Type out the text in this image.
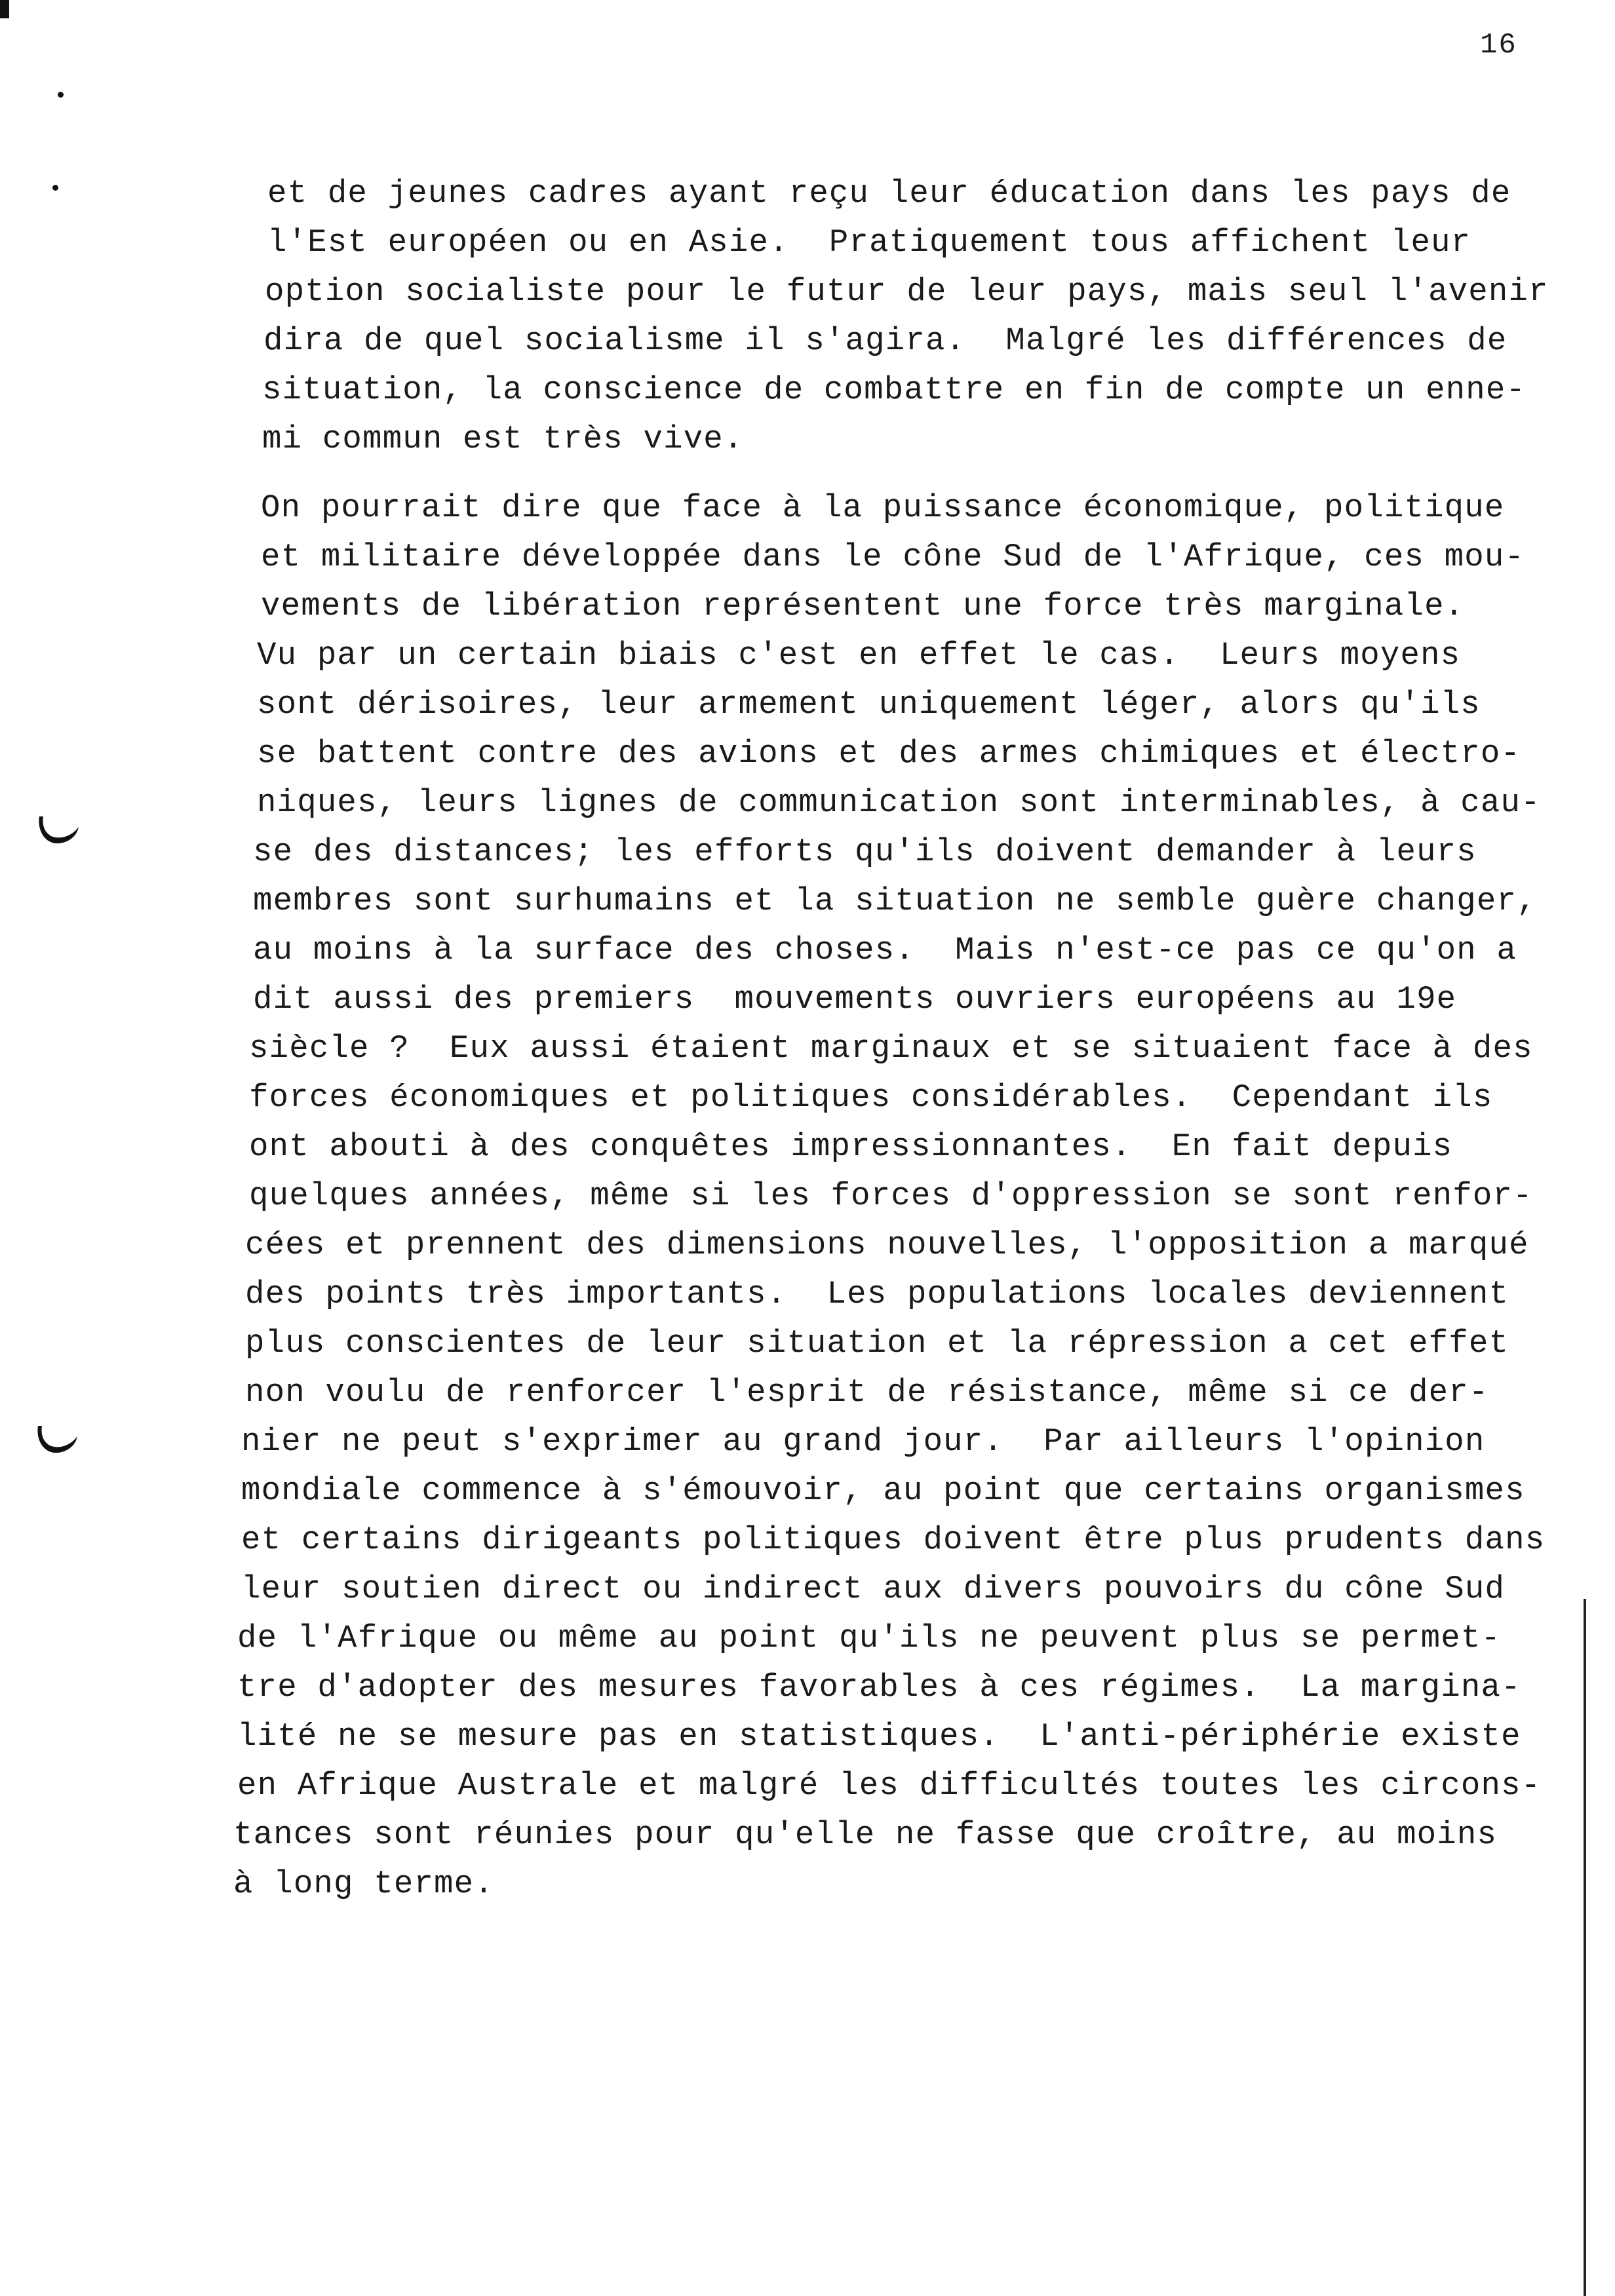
16
et de jeunes cadres ayant reçu leur éducation dans les pays de
l'Est européen ou en Asie.  Pratiquement tous affichent leur
option socialiste pour le futur de leur pays, mais seul l'avenir
dira de quel socialisme il s'agira.  Malgré les différences de
situation, la conscience de combattre en fin de compte un enne-
mi commun est très vive.
On pourrait dire que face à la puissance économique, politique
et militaire développée dans le cône Sud de l'Afrique, ces mou-
vements de libération représentent une force très marginale.
Vu par un certain biais c'est en effet le cas.  Leurs moyens
sont dérisoires, leur armement uniquement léger, alors qu'ils
se battent contre des avions et des armes chimiques et électro-
niques, leurs lignes de communication sont interminables, à cau-
se des distances; les efforts qu'ils doivent demander à leurs
membres sont surhumains et la situation ne semble guère changer,
au moins à la surface des choses.  Mais n'est-ce pas ce qu'on a
dit aussi des premiers  mouvements ouvriers européens au 19e
siècle ?  Eux aussi étaient marginaux et se situaient face à des
forces économiques et politiques considérables.  Cependant ils
ont abouti à des conquêtes impressionnantes.  En fait depuis
quelques années, même si les forces d'oppression se sont renfor-
cées et prennent des dimensions nouvelles, l'opposition a marqué
des points très importants.  Les populations locales deviennent
plus conscientes de leur situation et la répression a cet effet
non voulu de renforcer l'esprit de résistance, même si ce der-
nier ne peut s'exprimer au grand jour.  Par ailleurs l'opinion
mondiale commence à s'émouvoir, au point que certains organismes
et certains dirigeants politiques doivent être plus prudents dans
leur soutien direct ou indirect aux divers pouvoirs du cône Sud
de l'Afrique ou même au point qu'ils ne peuvent plus se permet-
tre d'adopter des mesures favorables à ces régimes.  La margina-
lité ne se mesure pas en statistiques.  L'anti-périphérie existe
en Afrique Australe et malgré les difficultés toutes les circons-
tances sont réunies pour qu'elle ne fasse que croître, au moins
à long terme.
